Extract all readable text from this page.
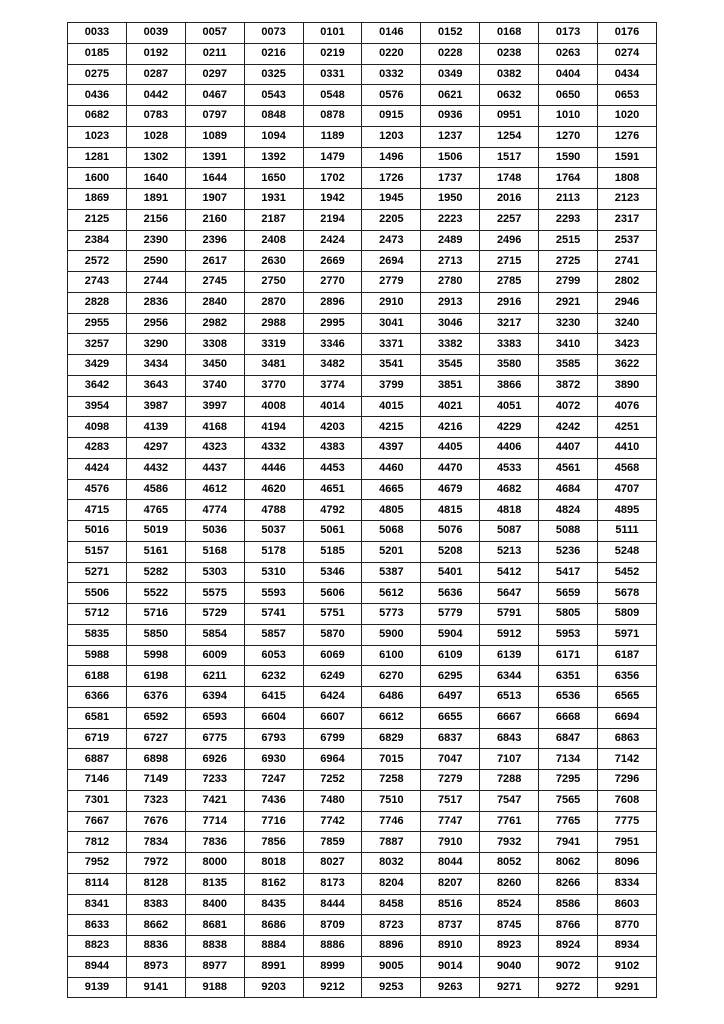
0033	0039	0057	0073	0101	0146	0152	0168	0173	0176
0185	0192	0211	0216	0219	0220	0228	0238	0263	0274
0275	0287	0297	0325	0331	0332	0349	0382	0404	0434
0436	0442	0467	0543	0548	0576	0621	0632	0650	0653
0682	0783	0797	0848	0878	0915	0936	0951	1010	1020
1023	1028	1089	1094	1189	1203	1237	1254	1270	1276
1281	1302	1391	1392	1479	1496	1506	1517	1590	1591
1600	1640	1644	1650	1702	1726	1737	1748	1764	1808
1869	1891	1907	1931	1942	1945	1950	2016	2113	2123
2125	2156	2160	2187	2194	2205	2223	2257	2293	2317
2384	2390	2396	2408	2424	2473	2489	2496	2515	2537
2572	2590	2617	2630	2669	2694	2713	2715	2725	2741
2743	2744	2745	2750	2770	2779	2780	2785	2799	2802
2828	2836	2840	2870	2896	2910	2913	2916	2921	2946
2955	2956	2982	2988	2995	3041	3046	3217	3230	3240
3257	3290	3308	3319	3346	3371	3382	3383	3410	3423
3429	3434	3450	3481	3482	3541	3545	3580	3585	3622
3642	3643	3740	3770	3774	3799	3851	3866	3872	3890
3954	3987	3997	4008	4014	4015	4021	4051	4072	4076
4098	4139	4168	4194	4203	4215	4216	4229	4242	4251
4283	4297	4323	4332	4383	4397	4405	4406	4407	4410
4424	4432	4437	4446	4453	4460	4470	4533	4561	4568
4576	4586	4612	4620	4651	4665	4679	4682	4684	4707
4715	4765	4774	4788	4792	4805	4815	4818	4824	4895
5016	5019	5036	5037	5061	5068	5076	5087	5088	5111
5157	5161	5168	5178	5185	5201	5208	5213	5236	5248
5271	5282	5303	5310	5346	5387	5401	5412	5417	5452
5506	5522	5575	5593	5606	5612	5636	5647	5659	5678
5712	5716	5729	5741	5751	5773	5779	5791	5805	5809
5835	5850	5854	5857	5870	5900	5904	5912	5953	5971
5988	5998	6009	6053	6069	6100	6109	6139	6171	6187
6188	6198	6211	6232	6249	6270	6295	6344	6351	6356
6366	6376	6394	6415	6424	6486	6497	6513	6536	6565
6581	6592	6593	6604	6607	6612	6655	6667	6668	6694
6719	6727	6775	6793	6799	6829	6837	6843	6847	6863
6887	6898	6926	6930	6964	7015	7047	7107	7134	7142
7146	7149	7233	7247	7252	7258	7279	7288	7295	7296
7301	7323	7421	7436	7480	7510	7517	7547	7565	7608
7667	7676	7714	7716	7742	7746	7747	7761	7765	7775
7812	7834	7836	7856	7859	7887	7910	7932	7941	7951
7952	7972	8000	8018	8027	8032	8044	8052	8062	8096
8114	8128	8135	8162	8173	8204	8207	8260	8266	8334
8341	8383	8400	8435	8444	8458	8516	8524	8586	8603
8633	8662	8681	8686	8709	8723	8737	8745	8766	8770
8823	8836	8838	8884	8886	8896	8910	8923	8924	8934
8944	8973	8977	8991	8999	9005	9014	9040	9072	9102
9139	9141	9188	9203	9212	9253	9263	9271	9272	9291
